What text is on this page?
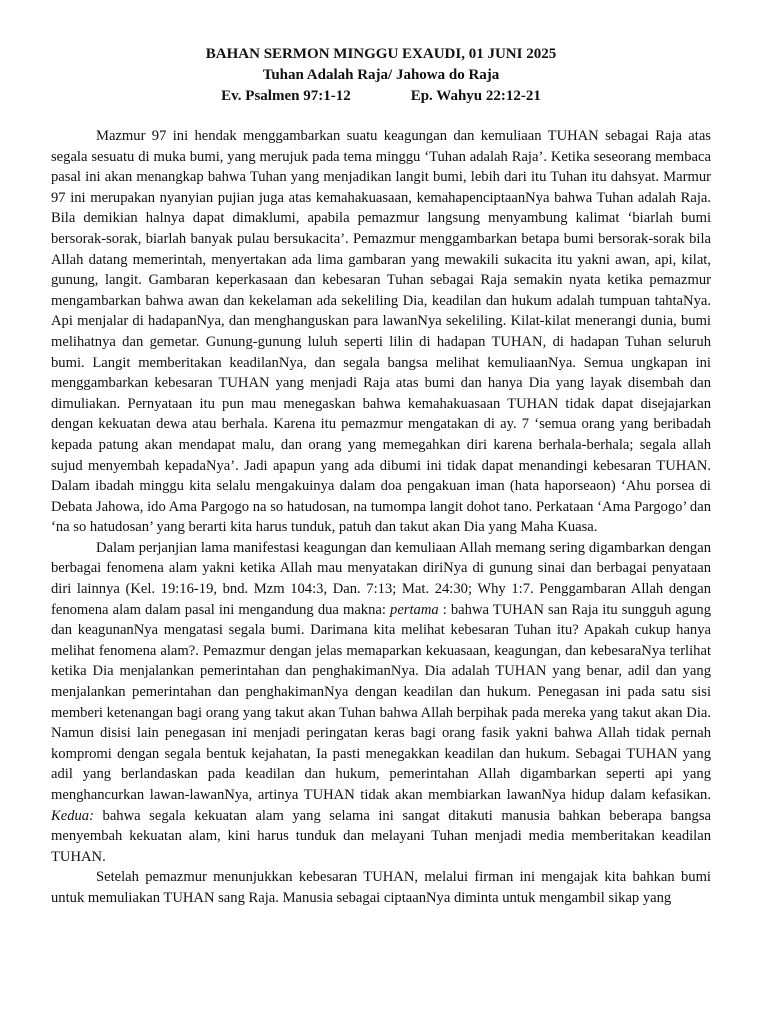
BAHAN SERMON MINGGU EXAUDI, 01 JUNI 2025
Tuhan Adalah Raja/ Jahowa do Raja
Ev. Psalmen 97:1-12	Ep. Wahyu 22:12-21

Mazmur 97 ini hendak menggambarkan suatu keagungan dan kemuliaan TUHAN sebagai Raja atas segala sesuatu di muka bumi, yang merujuk pada tema minggu ‘Tuhan adalah Raja’. Ketika seseorang membaca pasal ini akan menangkap bahwa Tuhan yang menjadikan langit bumi, lebih dari itu Tuhan itu dahsyat. Marmur 97 ini merupakan nyanyian pujian juga atas kemahakuasaan, kemahapenciptaanNya bahwa Tuhan adalah Raja. Bila demikian halnya dapat dimaklumi, apabila pemazmur langsung menyambung kalimat ‘biarlah bumi bersorak-sorak, biarlah banyak pulau bersukacita’. Pemazmur menggambarkan betapa bumi bersorak-sorak bila Allah datang memerintah, menyertakan ada lima gambaran yang mewakili sukacita itu yakni awan, api, kilat, gunung, langit. Gambaran keperkasaan dan kebesaran Tuhan sebagai Raja semakin nyata ketika pemazmur mengambarkan bahwa awan dan kekelaman ada sekeliling Dia, keadilan dan hukum adalah tumpuan tahtaNya. Api menjalar di hadapanNya, dan menghanguskan para lawanNya sekeliling. Kilat-kilat menerangi dunia, bumi melihatnya dan gemetar. Gunung-gunung luluh seperti lilin di hadapan TUHAN, di hadapan Tuhan seluruh bumi. Langit memberitakan keadilanNya, dan segala bangsa melihat kemuliaanNya. Semua ungkapan ini menggambarkan kebesaran TUHAN yang menjadi Raja atas bumi dan hanya Dia yang layak disembah dan dimuliakan. Pernyataan itu pun mau menegaskan bahwa kemahakuasaan TUHAN tidak dapat disejajarkan dengan kekuatan dewa atau berhala. Karena itu pemazmur mengatakan di ay. 7 ‘semua orang yang beribadah kepada patung akan mendapat malu, dan orang yang memegahkan diri karena berhala-berhala; segala allah sujud menyembah kepadaNya’. Jadi apapun yang ada dibumi ini tidak dapat menandingi kebesaran TUHAN. Dalam ibadah minggu kita selalu mengakuinya dalam doa pengakuan iman (hata haporseaon) ‘Ahu porsea di Debata Jahowa, ido Ama Pargogo na so hatudosan, na tumompa langit dohot tano. Perkataan ‘Ama Pargogo’ dan ‘na so hatudosan’ yang berarti kita harus tunduk, patuh dan takut akan Dia yang Maha Kuasa.

Dalam perjanjian lama manifestasi keagungan dan kemuliaan Allah memang sering digambarkan dengan berbagai fenomena alam yakni ketika Allah mau menyatakan diriNya di gunung sinai dan berbagai penyataan diri lainnya (Kel. 19:16-19, bnd. Mzm 104:3, Dan. 7:13; Mat. 24:30; Why 1:7. Penggambaran Allah dengan fenomena alam dalam pasal ini mengandung dua makna: pertama : bahwa TUHAN san Raja itu sungguh agung dan keagunanNya mengatasi segala bumi. Darimana kita melihat kebesaran Tuhan itu? Apakah cukup hanya melihat fenomena alam?. Pemazmur dengan jelas memaparkan kekuasaan, keagungan, dan kebesaraNya terlihat ketika Dia menjalankan pemerintahan dan penghakimanNya. Dia adalah TUHAN yang benar, adil dan yang menjalankan pemerintahan dan penghakimanNya dengan keadilan dan hukum. Penegasan ini pada satu sisi memberi ketenangan bagi orang yang takut akan Tuhan bahwa Allah berpihak pada mereka yang takut akan Dia. Namun disisi lain penegasan ini menjadi peringatan keras bagi orang fasik yakni bahwa Allah tidak pernah kompromi dengan segala bentuk kejahatan, Ia pasti menegakkan keadilan dan hukum. Sebagai TUHAN yang adil yang berlandaskan pada keadilan dan hukum, pemerintahan Allah digambarkan seperti api yang menghancurkan lawan-lawanNya, artinya TUHAN tidak akan membiarkan lawanNya hidup dalam kefasikan. Kedua: bahwa segala kekuatan alam yang selama ini sangat ditakuti manusia bahkan beberapa bangsa menyembah kekuatan alam, kini harus tunduk dan melayani Tuhan menjadi media memberitakan keadilan TUHAN.

Setelah pemazmur menunjukkan kebesaran TUHAN, melalui firman ini mengajak kita bahkan bumi untuk memuliakan TUHAN sang Raja. Manusia sebagai ciptaanNya diminta untuk mengambil sikap yang
